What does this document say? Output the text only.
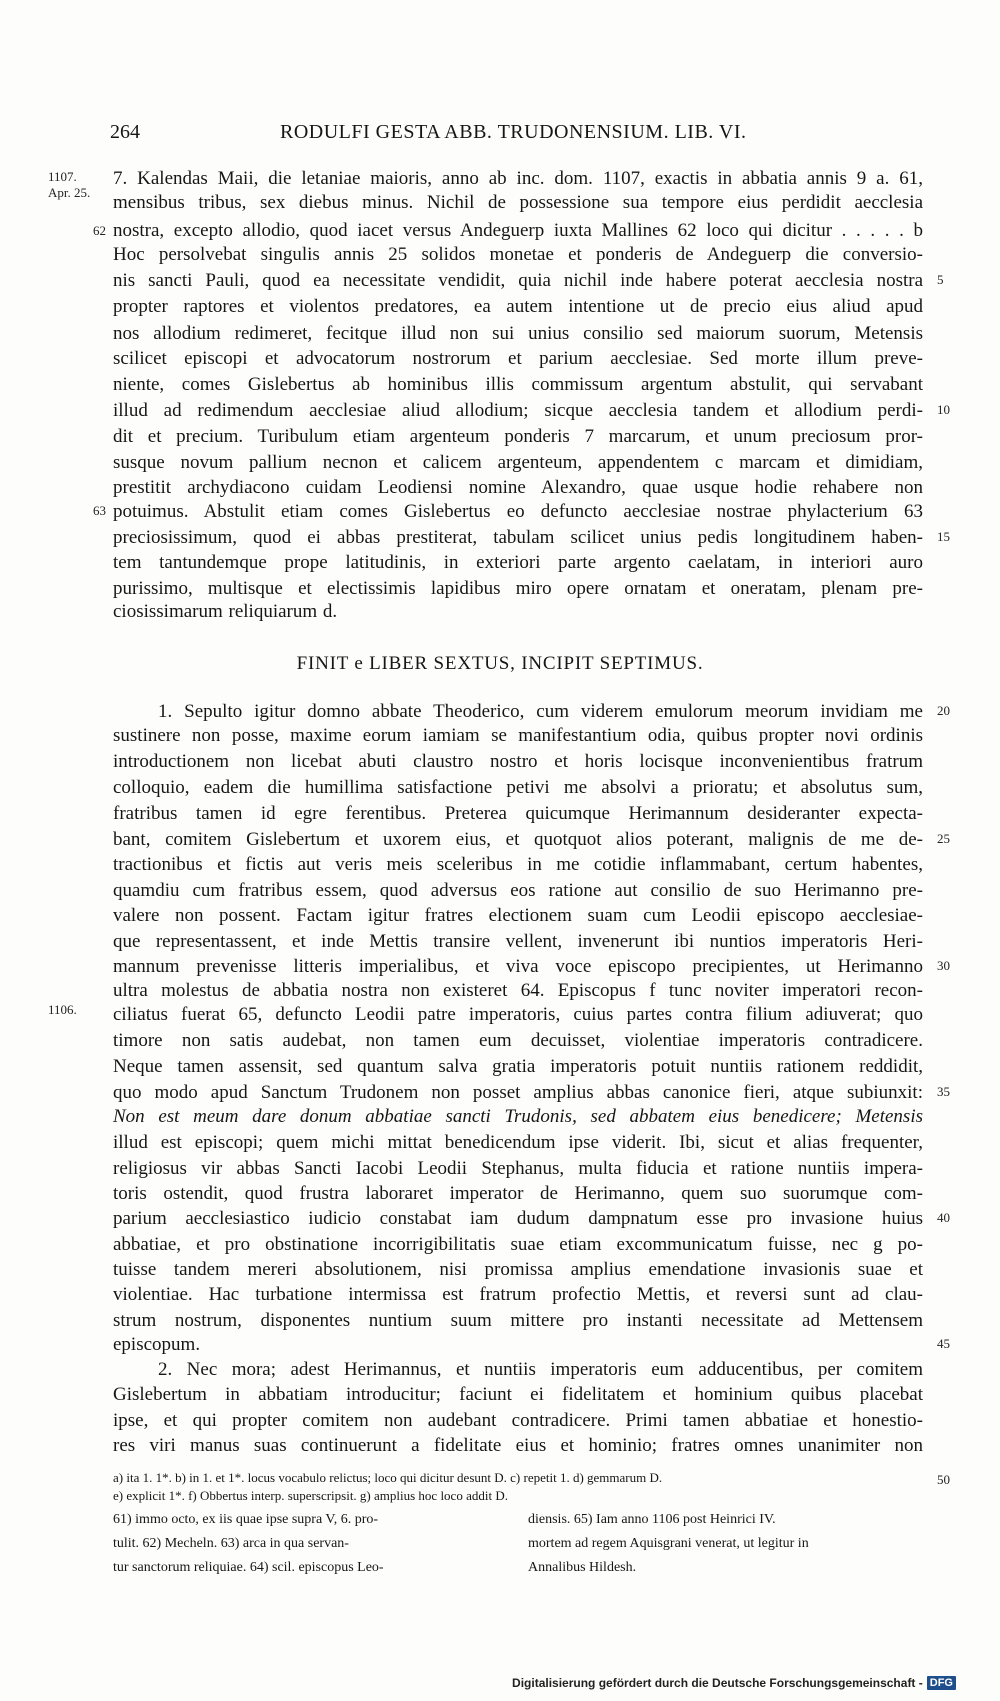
264	RODULFI GESTA ABB. TRUDONENSIUM. LIB. VI.
1107.
Apr. 25.
1106.
62
63
7. Kalendas Maii, die letaniae maioris, anno ab inc. dom. 1107, exactis in abbatia annis 9 a. 61,
mensibus tribus, sex diebus minus. Nichil de possessione sua tempore eius perdidit aecclesia
nostra, excepto allodio, quod iacet versus Andeguerp iuxta Mallines 62 loco qui dicitur . . . . . b
Hoc persolvebat singulis annis 25 solidos monetae et ponderis de Andeguerp die conversio-
nis sancti Pauli, quod ea necessitate vendidit, quia nichil inde habere poterat aecclesia nostra
propter raptores et violentos predatores, ea autem intentione ut de precio eius aliud apud
nos allodium redimeret, fecitque illud non sui unius consilio sed maiorum suorum, Metensis
scilicet episcopi et advocatorum nostrorum et parium aecclesiae. Sed morte illum preve-
niente, comes Gislebertus ab hominibus illis commissum argentum abstulit, qui servabant
illud ad redimendum aecclesiae aliud allodium; sicque aecclesia tandem et allodium perdi-
dit et precium. Turibulum etiam argenteum ponderis 7 marcarum, et unum preciosum pror-
susque novum pallium necnon et calicem argenteum, appendentem c marcam et dimidiam,
prestitit archydiacono cuidam Leodiensi nomine Alexandro, quae usque hodie rehabere non
potuimus. Abstulit etiam comes Gislebertus eo defuncto aecclesiae nostrae phylacterium 63
preciosissimum, quod ei abbas prestiterat, tabulam scilicet unius pedis longitudinem haben-
tem tantundemque prope latitudinis, in exteriori parte argento caelatam, in interiori auro
purissimo, multisque et electissimis lapidibus miro opere ornatam et oneratam, plenam pre-
ciosissimarum reliquiarum d.
FINIT e LIBER SEXTUS, INCIPIT SEPTIMUS.
1. Sepulto igitur domno abbate Theoderico, cum viderem emulorum meorum invidiam me
sustinere non posse, maxime eorum iamiam se manifestantium odia, quibus propter novi ordinis
introductionem non licebat abuti claustro nostro et horis locisque inconvenientibus fratrum
colloquio, eadem die humillima satisfactione petivi me absolvi a prioratu; et absolutus sum,
fratribus tamen id egre ferentibus. Preterea quicumque Herimannum desideranter expecta-
bant, comitem Gislebertum et uxorem eius, et quotquot alios poterant, malignis de me de-
tractionibus et fictis aut veris meis sceleribus in me cotidie inflammabant, certum habentes,
quamdiu cum fratribus essem, quod adversus eos ratione aut consilio de suo Herimanno pre-
valere non possent. Factam igitur fratres electionem suam cum Leodii episcopo aecclesiae-
que representassent, et inde Mettis transire vellent, invenerunt ibi nuntios imperatoris Heri-
mannum prevenisse litteris imperialibus, et viva voce episcopo precipientes, ut Herimanno
ultra molestus de abbatia nostra non existeret 64. Episcopus f tunc noviter imperatori recon-
ciliatus fuerat 65, defuncto Leodii patre imperatoris, cuius partes contra filium adiuverat; quo
timore non satis audebat, non tamen eum decuisset, violentiae imperatoris contradicere.
Neque tamen assensit, sed quantum salva gratia imperatoris potuit nuntiis rationem reddidit,
quo modo apud Sanctum Trudonem non posset amplius abbas canonice fieri, atque subiunxit:
Non est meum dare donum abbatiae sancti Trudonis, sed abbatem eius benedicere; Metensis
illud est episcopi; quem michi mittat benedicendum ipse viderit. Ibi, sicut et alias frequenter,
religiosus vir abbas Sancti Iacobi Leodii Stephanus, multa fiducia et ratione nuntiis impera-
toris ostendit, quod frustra laboraret imperator de Herimanno, quem suo suorumque com-
parium aecclesiastico iudicio constabat iam dudum dampnatum esse pro invasione huius
abbatiae, et pro obstinatione incorrigibilitatis suae etiam excommunicatum fuisse, nec g po-
tuisse tandem mereri absolutionem, nisi promissa amplius emendatione invasionis suae et
violentiae. Hac turbatione intermissa est fratrum profectio Mettis, et reversi sunt ad clau-
strum nostrum, disponentes nuntium suum mittere pro instanti necessitate ad Mettensem
episcopum.
2. Nec mora; adest Herimannus, et nuntiis imperatoris eum adducentibus, per comitem
Gislebertum in abbatiam introducitur; faciunt ei fidelitatem et hominium quibus placebat
ipse, et qui propter comitem non audebant contradicere. Primi tamen abbatiae et honestio-
res viri manus suas continuerunt a fidelitate eius et hominio; fratres omnes unanimiter non
5
10
15
20
25
30
35
40
45
50
a) ita 1. 1*. b) in 1. et 1*. locus vocabulo relictus; loco qui dicitur desunt D. c) repetit 1. d) gemmarum D.
e) explicit 1*. f) Obbertus interp. superscripsit. g) amplius hoc loco addit D.
61) immo octo, ex iis quae ipse supra V, 6. pro-
tulit. 62) Mecheln. 63) arca in qua servan-
tur sanctorum reliquiae. 64) scil. episcopus Leo-
diensis. 65) Iam anno 1106 post Heinrici IV.
mortem ad regem Aquisgrani venerat, ut legitur in
Annalibus Hildesh.
Digitalisierung gefördert durch die Deutsche Forschungsgemeinschaft - DFG
